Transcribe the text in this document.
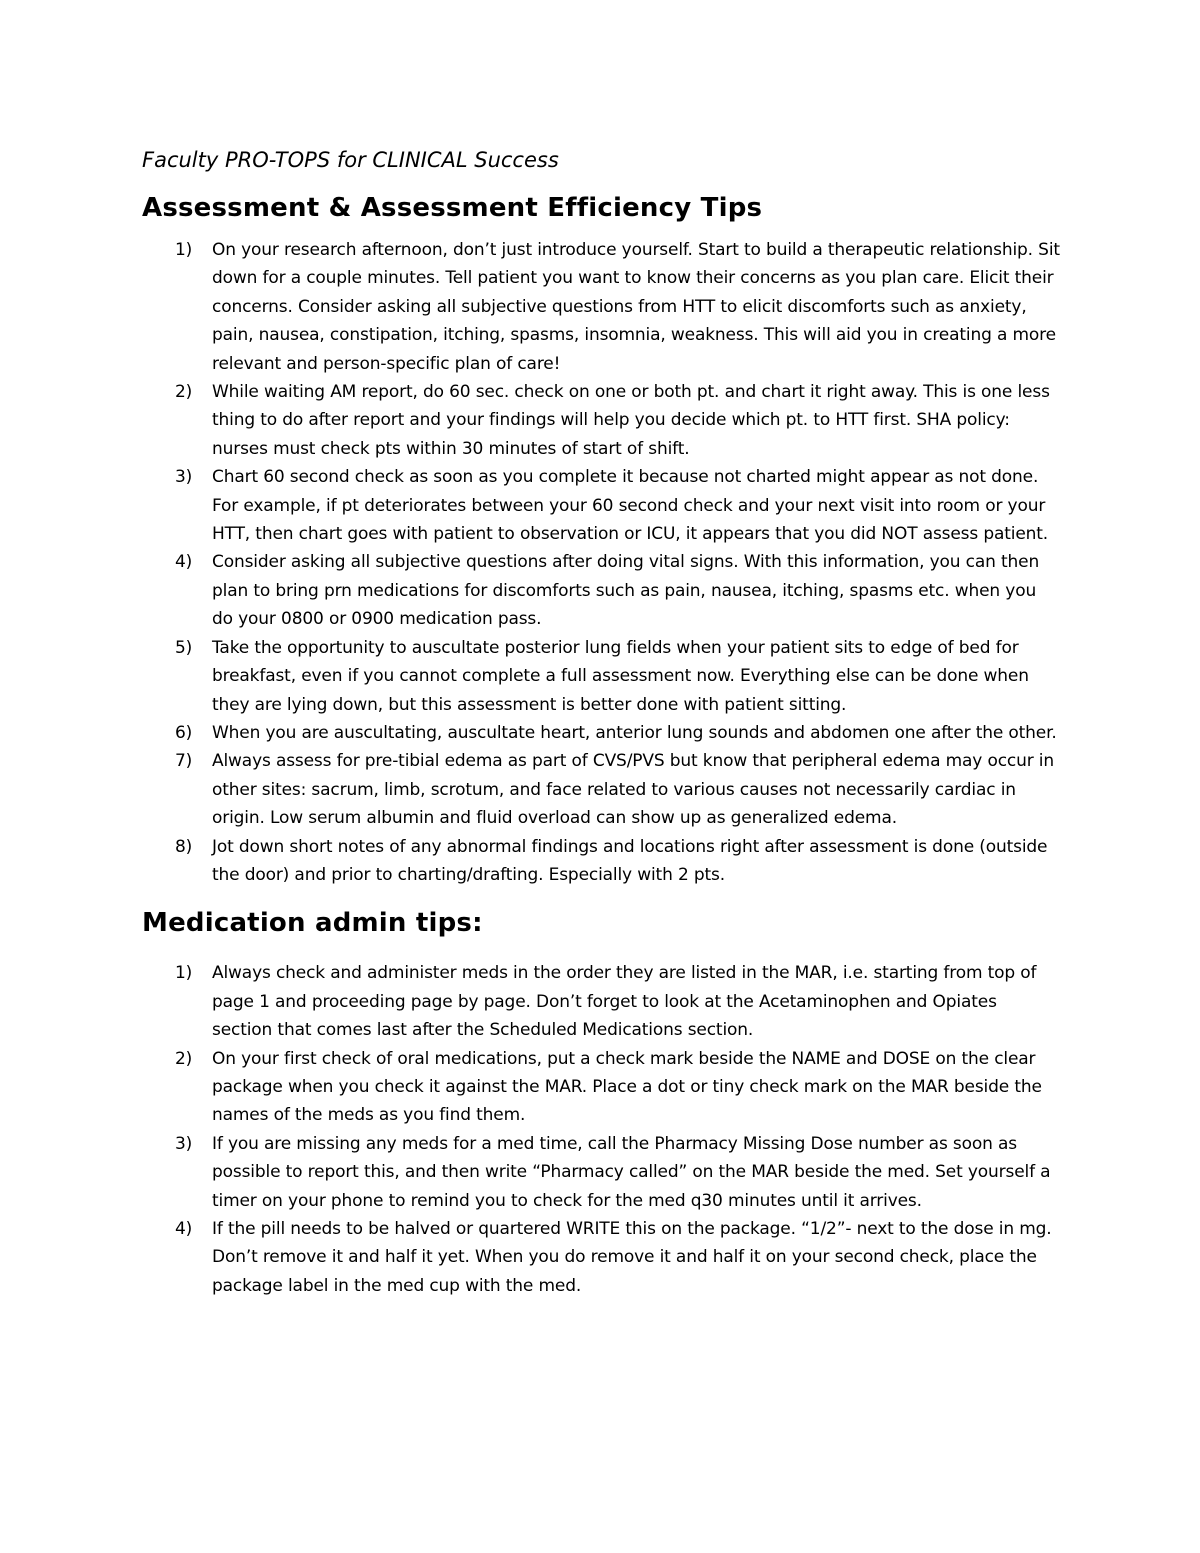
Faculty PRO-TOPS for CLINICAL Success
Assessment & Assessment Efficiency Tips
1) On your research afternoon, don’t just introduce yourself. Start to build a therapeutic relationship. Sit down for a couple minutes. Tell patient you want to know their concerns as you plan care. Elicit their concerns. Consider asking all subjective questions from HTT to elicit discomforts such as anxiety, pain, nausea, constipation, itching, spasms, insomnia, weakness. This will aid you in creating a more relevant and person-specific plan of care!
2) While waiting AM report, do 60 sec. check on one or both pt. and chart it right away. This is one less thing to do after report and your findings will help you decide which pt. to HTT first. SHA policy: nurses must check pts within 30 minutes of start of shift.
3) Chart 60 second check as soon as you complete it because not charted might appear as not done. For example, if pt deteriorates between your 60 second check and your next visit into room or your HTT, then chart goes with patient to observation or ICU, it appears that you did NOT assess patient.
4) Consider asking all subjective questions after doing vital signs. With this information, you can then plan to bring prn medications for discomforts such as pain, nausea, itching, spasms etc. when you do your 0800 or 0900 medication pass.
5) Take the opportunity to auscultate posterior lung fields when your patient sits to edge of bed for breakfast, even if you cannot complete a full assessment now. Everything else can be done when they are lying down, but this assessment is better done with patient sitting.
6) When you are auscultating, auscultate heart, anterior lung sounds and abdomen one after the other.
7) Always assess for pre-tibial edema as part of CVS/PVS but know that peripheral edema may occur in other sites: sacrum, limb, scrotum, and face related to various causes not necessarily cardiac in origin. Low serum albumin and fluid overload can show up as generalized edema.
8) Jot down short notes of any abnormal findings and locations right after assessment is done (outside the door) and prior to charting/drafting. Especially with 2 pts.
Medication admin tips:
1) Always check and administer meds in the order they are listed in the MAR, i.e. starting from top of page 1 and proceeding page by page. Don’t forget to look at the Acetaminophen and Opiates section that comes last after the Scheduled Medications section.
2) On your first check of oral medications, put a check mark beside the NAME and DOSE on the clear package when you check it against the MAR. Place a dot or tiny check mark on the MAR beside the names of the meds as you find them.
3) If you are missing any meds for a med time, call the Pharmacy Missing Dose number as soon as possible to report this, and then write “Pharmacy called” on the MAR beside the med. Set yourself a timer on your phone to remind you to check for the med q30 minutes until it arrives.
4) If the pill needs to be halved or quartered WRITE this on the package. “1/2”- next to the dose in mg. Don’t remove it and half it yet. When you do remove it and half it on your second check, place the package label in the med cup with the med.
